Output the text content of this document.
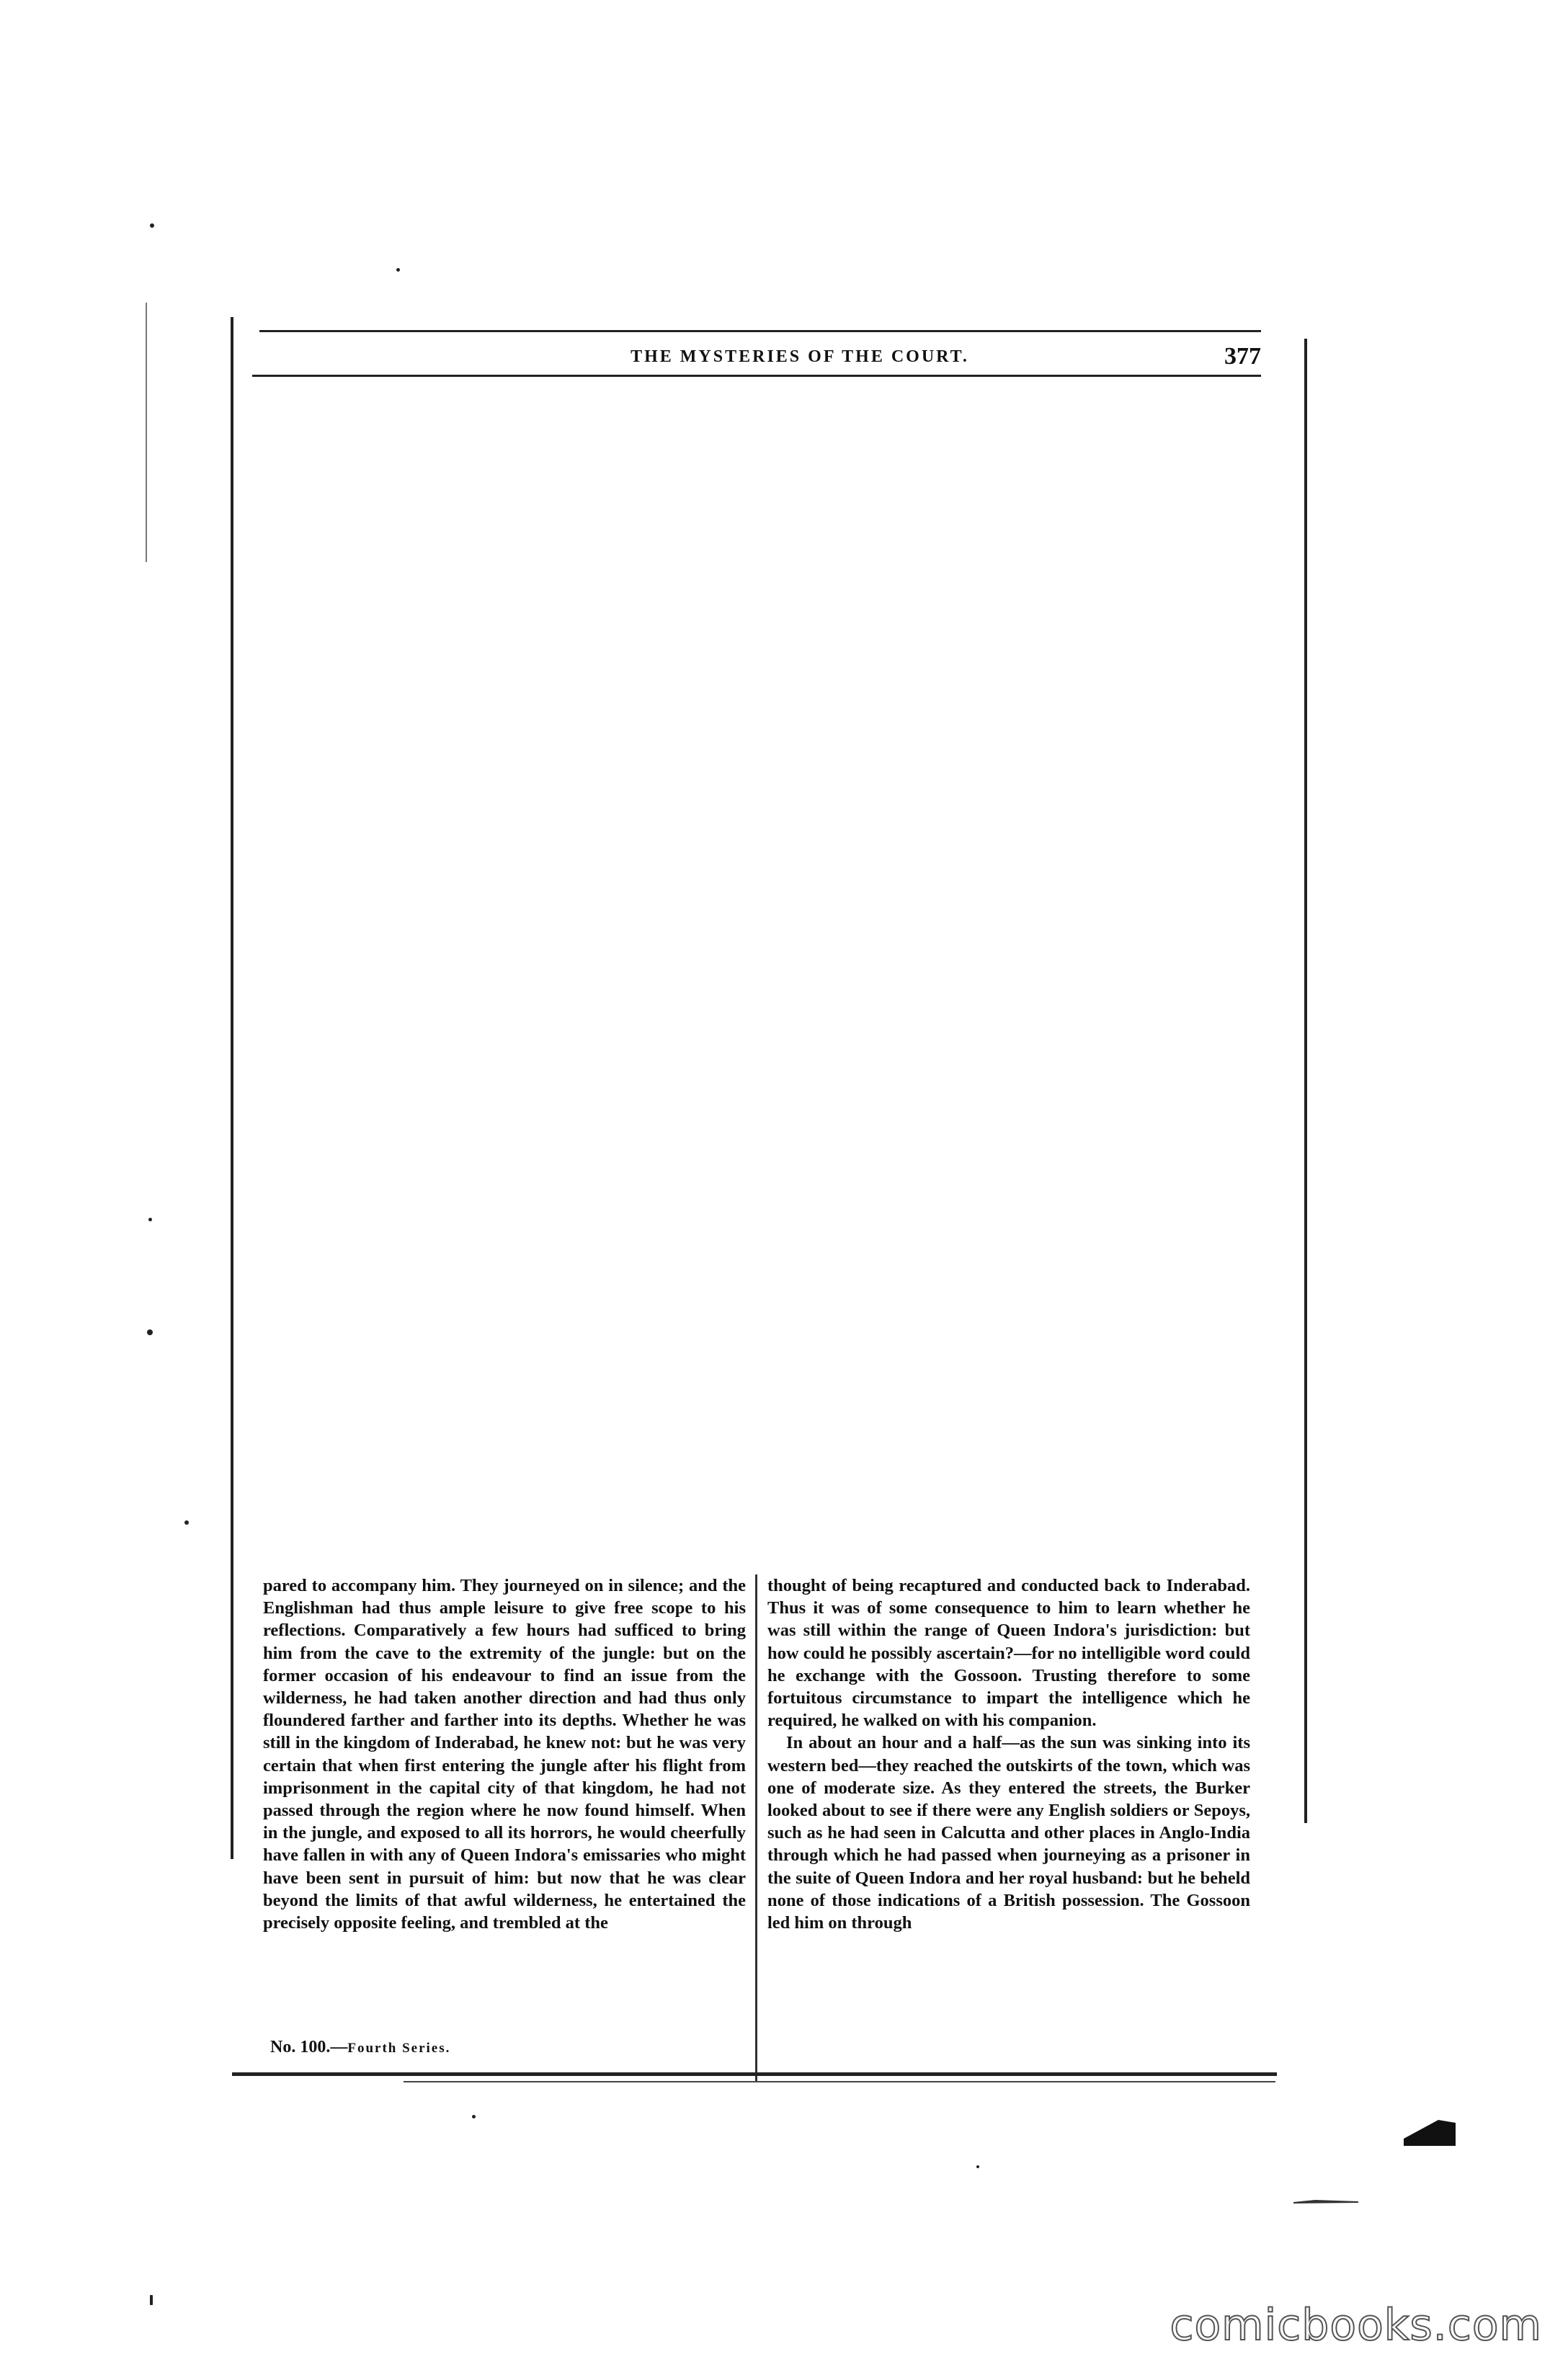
THE MYSTERIES OF THE COURT.	377

pared to accompany him. They journeyed on in silence; and the Englishman had thus ample leisure to give free scope to his reflections. Comparatively a few hours had sufficed to bring him from the cave to the extremity of the jungle: but on the former occasion of his endeavour to find an issue from the wilderness, he had taken another direction and had thus only floundered farther and farther into its depths. Whether he was still in the kingdom of Inderabad, he knew not: but he was very certain that when first entering the jungle after his flight from imprisonment in the capital city of that kingdom, he had not passed through the region where he now found himself. When in the jungle, and exposed to all its horrors, he would cheerfully have fallen in with any of Queen Indora's emissaries who might have been sent in pursuit of him: but now that he was clear beyond the limits of that awful wilderness, he entertained the precisely opposite feeling, and trembled at the

thought of being recaptured and conducted back to Inderabad. Thus it was of some consequence to him to learn whether he was still within the range of Queen Indora's jurisdiction: but how could he possibly ascertain?—for no intelligible word could he exchange with the Gossoon. Trusting therefore to some fortuitous circumstance to impart the intelligence which he required, he walked on with his companion.

In about an hour and a half—as the sun was sinking into its western bed—they reached the outskirts of the town, which was one of moderate size. As they entered the streets, the Burker looked about to see if there were any English soldiers or Sepoys, such as he had seen in Calcutta and other places in Anglo-India through which he had passed when journeying as a prisoner in the suite of Queen Indora and her royal husband: but he beheld none of those indications of a British possession. The Gossoon led him on through

No. 100.—Fourth Series.
comicbooks.com
